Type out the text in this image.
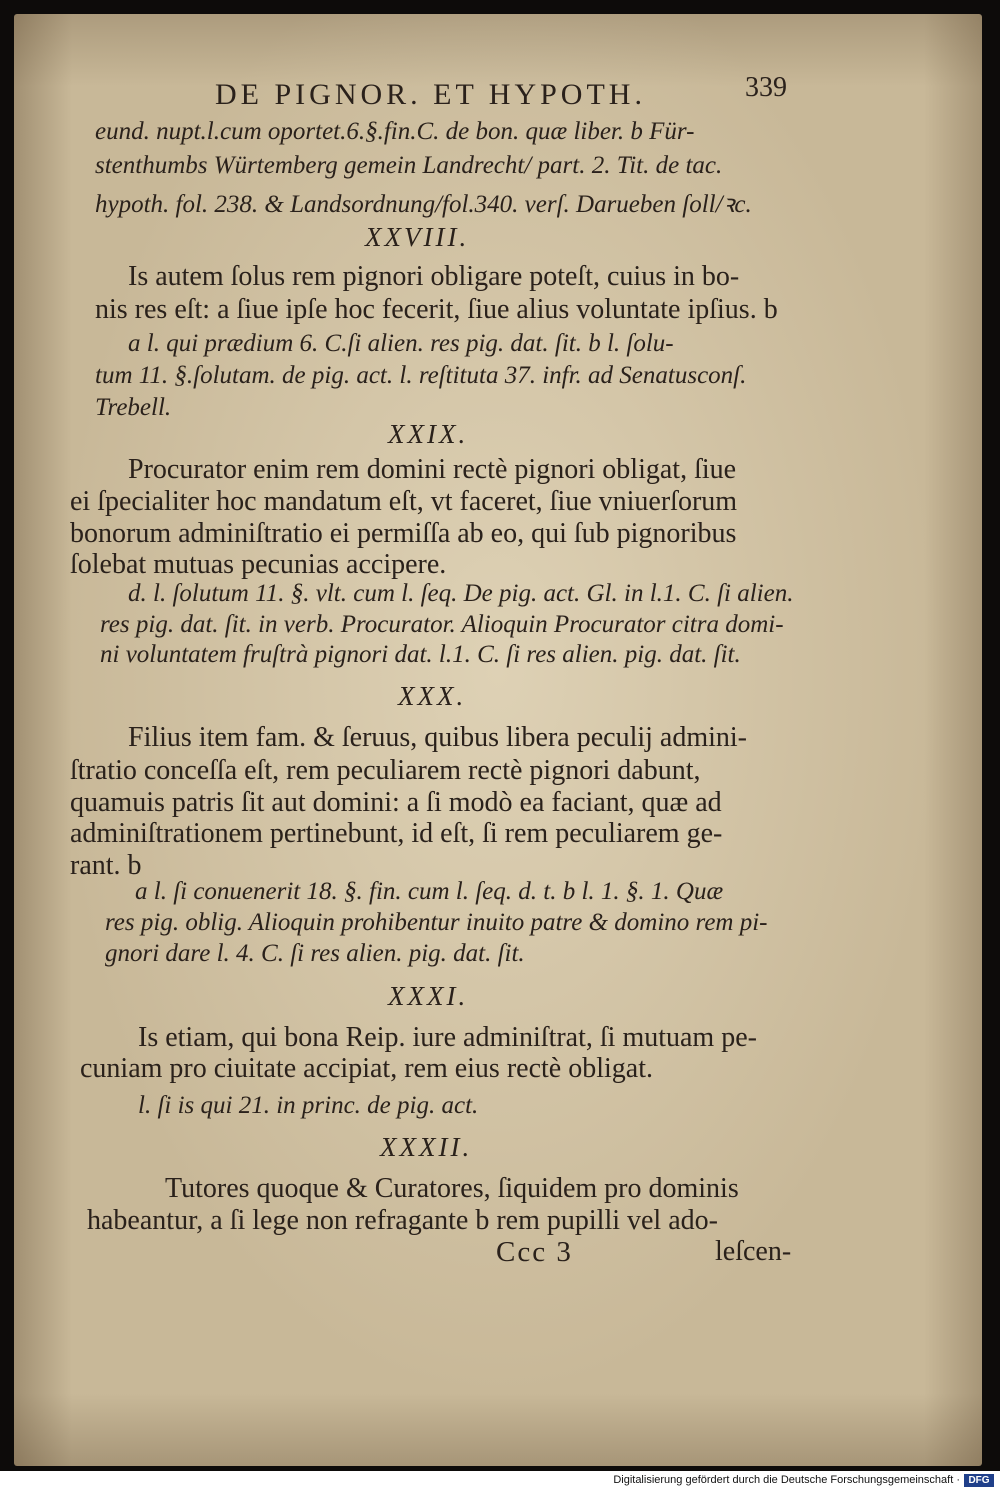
DE PIGNOR. ET HYPOTH.	339
eund. nupt.l.cum oportet.6.§.fin.C. de bon. quæ liber. b Für-
stenthumbs Würtemberg gemein Landrecht/ part. 2. Tit. de tac.
hypoth. fol. 238. & Landsordnung/fol.340. verſ. Darueben ſoll/ꝛc.
XXVIII.
Is autem ſolus rem pignori obligare poteſt, cuius in bo-
nis res eſt: a ſiue ipſe hoc fecerit, ſiue alius voluntate ipſius. b
a l. qui prædium 6. C.ſi alien. res pig. dat. ſit. b l. ſolu-
tum 11. §.ſolutam. de pig. act. l. reſtituta 37. infr. ad Senatusconſ.
Trebell.
XXIX.
Procurator enim rem domini rectè pignori obligat, ſiue
ei ſpecialiter hoc mandatum eſt, vt faceret, ſiue vniuerſorum
bonorum adminiſtratio ei permiſſa ab eo, qui ſub pignoribus
ſolebat mutuas pecunias accipere.
d. l. ſolutum 11. §. vlt. cum l. ſeq. De pig. act. Gl. in l.1. C. ſi alien.
res pig. dat. ſit. in verb. Procurator. Alioquin Procurator citra domi-
ni voluntatem fruſtrà pignori dat. l.1. C. ſi res alien. pig. dat. ſit.
XXX.
Filius item fam. & ſeruus, quibus libera peculij admini-
ſtratio conceſſa eſt, rem peculiarem rectè pignori dabunt,
quamuis patris ſit aut domini: a ſi modò ea faciant, quæ ad
adminiſtrationem pertinebunt, id eſt, ſi rem peculiarem ge-
rant. b
a l. ſi conuenerit 18. §. fin. cum l. ſeq. d. t. b l. 1. §. 1. Quæ
res pig. oblig. Alioquin prohibentur inuito patre & domino rem pi-
gnori dare l. 4. C. ſi res alien. pig. dat. ſit.
XXXI.
Is etiam, qui bona Reip. iure adminiſtrat, ſi mutuam pe-
cuniam pro ciuitate accipiat, rem eius rectè obligat.
l. ſi is qui 21. in princ. de pig. act.
XXXII.
Tutores quoque & Curatores, ſiquidem pro dominis
habeantur, a ſi lege non refragante b rem pupilli vel ado-
Ccc 3	leſcen-
Digitalisierung gefördert durch die Deutsche Forschungsgemeinschaft · DFG
